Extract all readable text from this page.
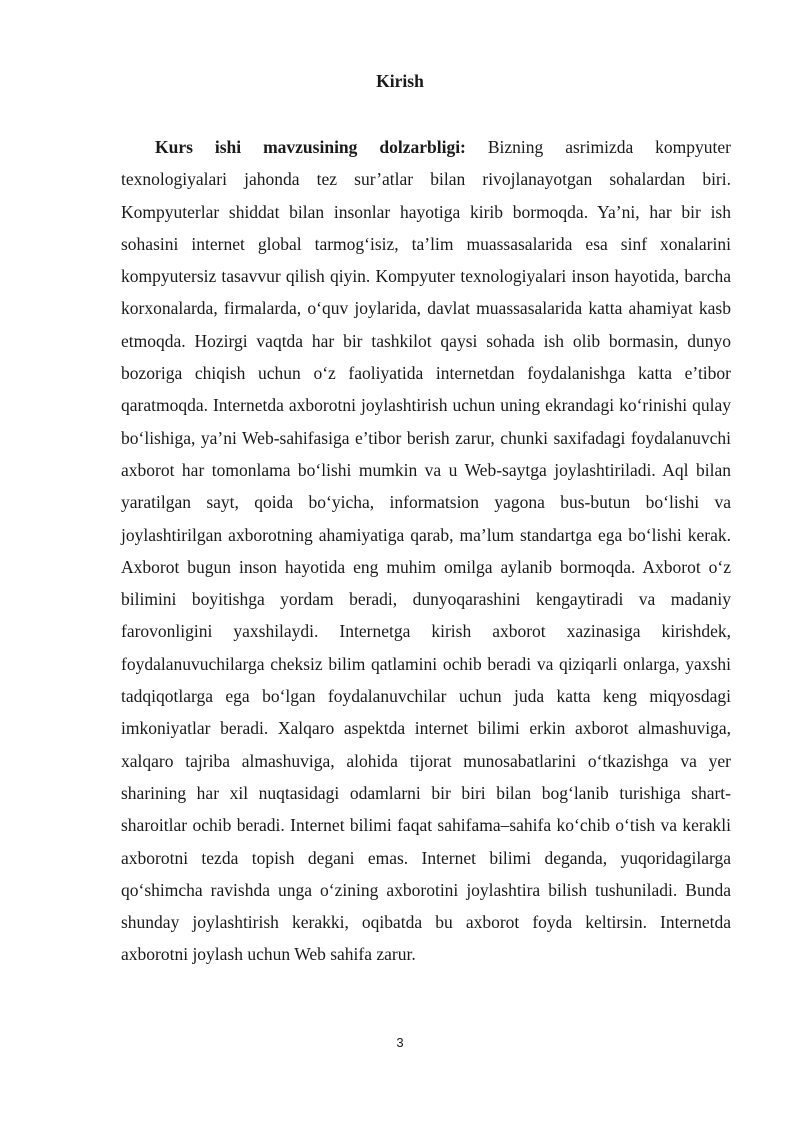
Kirish

Kurs ishi mavzusining dolzarbligi: Bizning asrimizda kompyuter texnologiyalari jahonda tez sur’atlar bilan rivojlanayotgan sohalardan biri. Kompyuterlar shiddat bilan insonlar hayotiga kirib bormoqda. Ya’ni, har bir ish sohasini internet global tarmog‘isiz, ta’lim muassasalarida esa sinf xonalarini kompyutersiz tasavvur qilish qiyin. Kompyuter texnologiyalari inson hayotida, barcha korxonalarda, firmalarda, o‘quv joylarida, davlat muassasalarida katta ahamiyat kasb etmoqda. Hozirgi vaqtda har bir tashkilot qaysi sohada ish olib bormasin, dunyo bozoriga chiqish uchun o‘z faoliyatida internetdan foydalanishga katta e’tibor qaratmoqda. Internetda axborotni joylashtirish uchun uning ekrandagi ko‘rinishi qulay bo‘lishiga, ya’ni Web-sahifasiga e’tibor berish zarur, chunki saxifadagi foydalanuvchi axborot har tomonlama bo‘lishi mumkin va u Web-saytga joylashtiriladi. Aql bilan yaratilgan sayt, qoida bo‘yicha, informatsion yagona bus-butun bo‘lishi va joylashtirilgan axborotning ahamiyatiga qarab, ma’lum standartga ega bo‘lishi kerak. Axborot bugun inson hayotida eng muhim omilga aylanib bormoqda. Axborot o‘z bilimini boyitishga yordam beradi, dunyoqarashini kengaytiradi va madaniy farovonligini yaxshilaydi. Internetga kirish axborot xazinasiga kirishdek, foydalanuvuchilarga cheksiz bilim qatlamini ochib beradi va qiziqarli onlarga, yaxshi tadqiqotlarga ega bo‘lgan foydalanuvchilar uchun juda katta keng miqyosdagi imkoniyatlar beradi. Xalqaro aspektda internet bilimi erkin axborot almashuviga, xalqaro tajriba almashuviga, alohida tijorat munosabatlarini o‘tkazishga va yer sharining har xil nuqtasidagi odamlarni bir biri bilan bog‘lanib turishiga shart-sharoitlar ochib beradi. Internet bilimi faqat sahifama–sahifa ko‘chib o‘tish va kerakli axborotni tezda topish degani emas. Internet bilimi deganda, yuqoridagilarga qo‘shimcha ravishda unga o‘zining axborotini joylashtira bilish tushuniladi. Bunda shunday joylashtirish kerakki, oqibatda bu axborot foyda keltirsin. Internetda axborotni joylash uchun Web sahifa zarur.

3
